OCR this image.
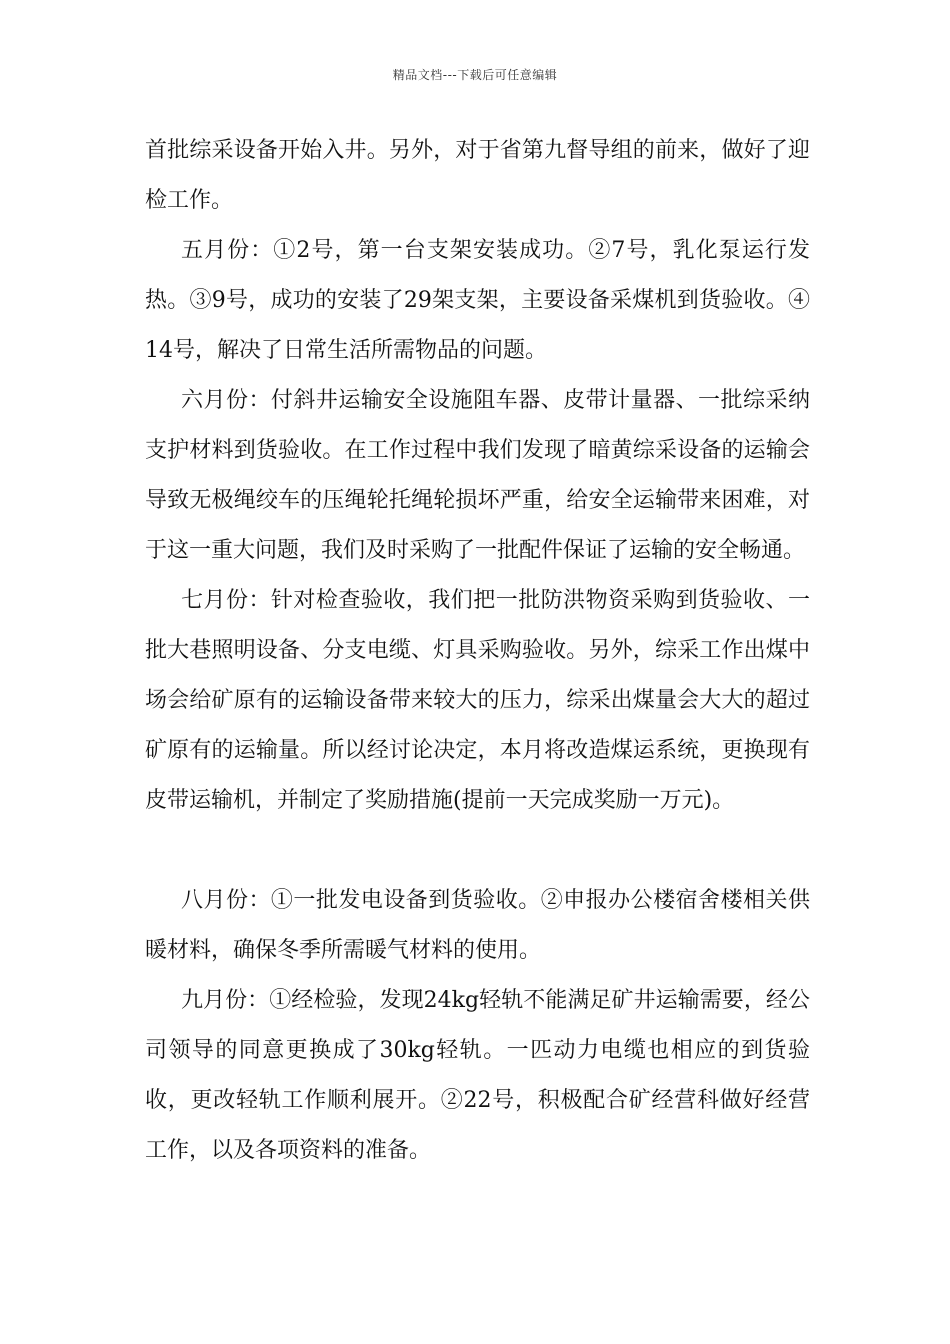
精品文档---下载后可任意编辑

首批综采设备开始入井。另外，对于省第九督导组的前来，做好了迎检工作。

五月份：①2号，第一台支架安装成功。②7号，乳化泵运行发热。③9号，成功的安装了29架支架，主要设备采煤机到货验收。④14号，解决了日常生活所需物品的问题。

六月份：付斜井运输安全设施阻车器、皮带计量器、一批综采纳支护材料到货验收。在工作过程中我们发现了暗黄综采设备的运输会导致无极绳绞车的压绳轮托绳轮损坏严重，给安全运输带来困难，对于这一重大问题，我们及时采购了一批配件保证了运输的安全畅通。

七月份：针对检查验收，我们把一批防洪物资采购到货验收、一批大巷照明设备、分支电缆、灯具采购验收。另外，综采工作出煤中场会给矿原有的运输设备带来较大的压力，综采出煤量会大大的超过矿原有的运输量。所以经讨论决定，本月将改造煤运系统，更换现有皮带运输机，并制定了奖励措施(提前一天完成奖励一万元)。

八月份：①一批发电设备到货验收。②申报办公楼宿舍楼相关供暖材料，确保冬季所需暖气材料的使用。

九月份：①经检验，发现24kg轻轨不能满足矿井运输需要，经公司领导的同意更换成了30kg轻轨。一匹动力电缆也相应的到货验收，更改轻轨工作顺利展开。②22号，积极配合矿经营科做好经营工作，以及各项资料的准备。
